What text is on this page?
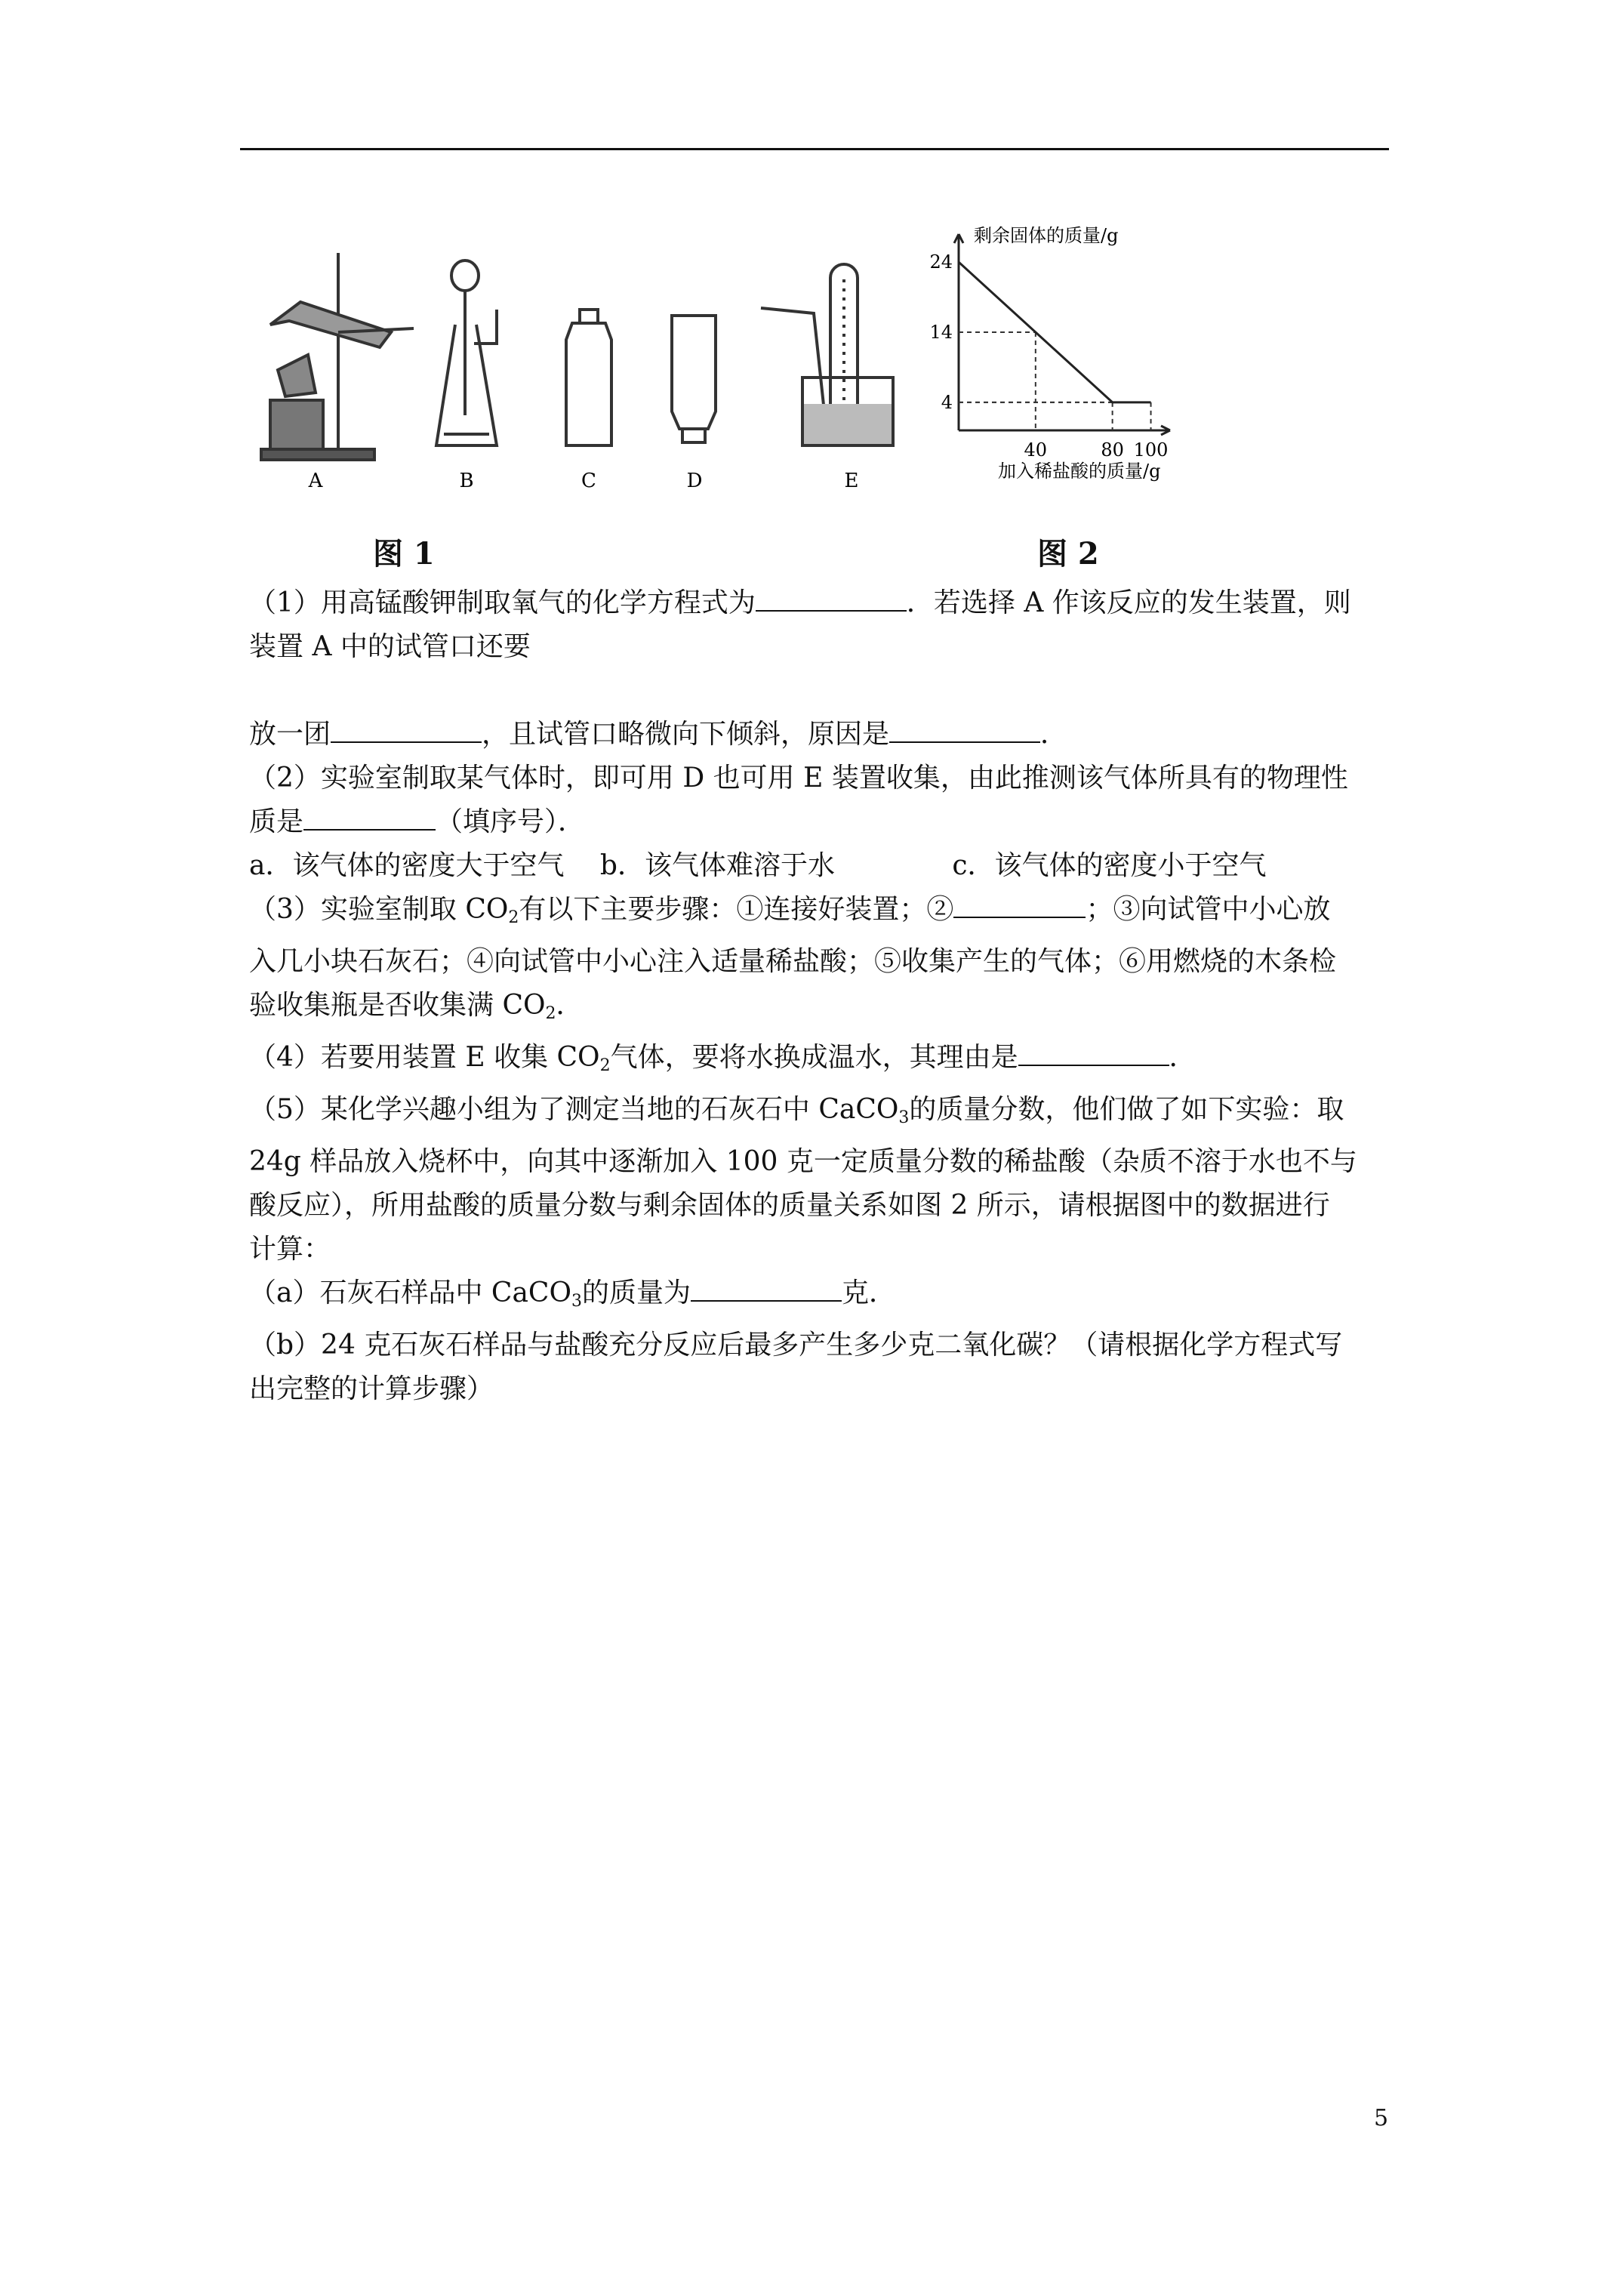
A	B	C	D	E
剩余固体的质量/g
加入稀盐酸的质量/g
40	80 100
24
14
4
图 1	图 2

（1）用高锰酸钾制取氧气的化学方程式为	．若选择 A 作该反应的发生装置，则

装置 A 中的试管口还要

放一团	，且试管口略微向下倾斜，原因是	．

（2）实验室制取某气体时，即可用 D 也可用 E 装置收集，由此推测该气体所具有的物理性

质是	（填序号）．

a．该气体的密度大于空气　 b．该气体难溶于水　　　　 c．该气体的密度小于空气

（3）实验室制取 $CO_2$有以下主要步骤：①连接好装置；②	；③向试管中小心放

入几小块石灰石；④向试管中小心注入适量稀盐酸；⑤收集产生的气体；⑥用燃烧的木条检

验收集瓶是否收集满 $CO_2$．

（4）若要用装置 E 收集 $CO_2$气体，要将水换成温水，其理由是	．

（5）某化学兴趣小组为了测定当地的石灰石中 CaCO$_3$的质量分数，他们做了如下实验：取

24g 样品放入烧杯中，向其中逐渐加入 100 克一定质量分数的稀盐酸（杂质不溶于水也不与

酸反应），所用盐酸的质量分数与剩余固体的质量关系如图 2 所示，请根据图中的数据进行

计算：

（a）石灰石样品中 CaCO$_3$的质量为	克．

（b）24 克石灰石样品与盐酸充分反应后最多产生多少克二氧化碳？（请根据化学方程式写

出完整的计算步骤）

5
